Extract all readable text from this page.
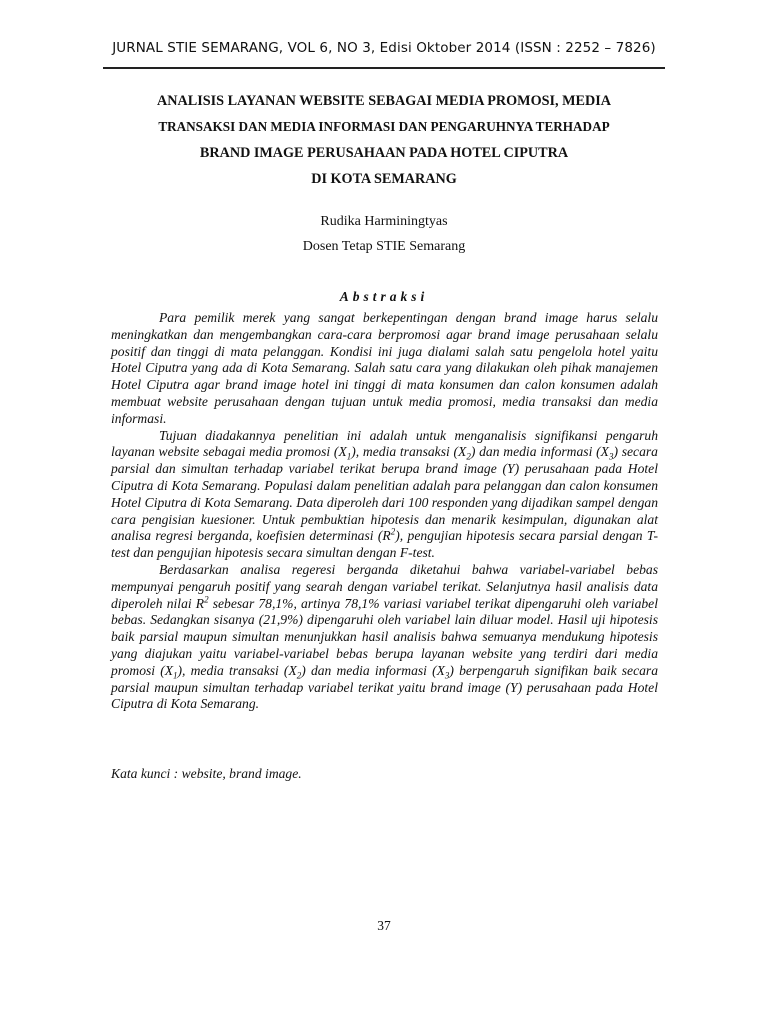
JURNAL STIE SEMARANG, VOL 6, NO 3, Edisi Oktober 2014 (ISSN : 2252 – 7826)
ANALISIS LAYANAN WEBSITE SEBAGAI MEDIA PROMOSI, MEDIA
TRANSAKSI DAN MEDIA INFORMASI DAN PENGARUHNYA TERHADAP
BRAND IMAGE PERUSAHAAN PADA HOTEL CIPUTRA
DI KOTA SEMARANG
Rudika Harminingtyas
Dosen Tetap STIE Semarang
Abstraksi

Para pemilik merek yang sangat berkepentingan dengan brand image harus selalu meningkatkan dan mengembangkan cara-cara berpromosi agar brand image perusahaan selalu positif dan tinggi di mata pelanggan. Kondisi ini juga dialami salah satu pengelola hotel yaitu Hotel Ciputra yang ada di Kota Semarang. Salah satu cara yang dilakukan oleh pihak manajemen Hotel Ciputra agar brand image hotel ini tinggi di mata konsumen dan calon konsumen adalah membuat website perusahaan dengan tujuan untuk media promosi, media transaksi dan media informasi.

Tujuan diadakannya penelitian ini adalah untuk menganalisis signifikansi pengaruh layanan website sebagai media promosi $(X_1)$, media transaksi $(X_2)$ dan media informasi $(X_3)$ secara parsial dan simultan terhadap variabel terikat berupa brand image (Y) perusahaan pada Hotel Ciputra di Kota Semarang. Populasi dalam penelitian adalah para pelanggan dan calon konsumen Hotel Ciputra di Kota Semarang. Data diperoleh dari 100 responden yang dijadikan sampel dengan cara pengisian kuesioner. Untuk pembuktian hipotesis dan menarik kesimpulan, digunakan alat analisa regresi berganda, koefisien determinasi $(R^2)$, pengujian hipotesis secara parsial dengan T-test dan pengujian hipotesis secara simultan dengan F-test.

Berdasarkan analisa regeresi berganda diketahui bahwa variabel-variabel bebas mempunyai pengaruh positif yang searah dengan variabel terikat. Selanjutnya hasil analisis data diperoleh nilai $R^2$ sebesar 78,1%, artinya 78,1% variasi variabel terikat dipengaruhi oleh variabel bebas. Sedangkan sisanya (21,9%) dipengaruhi oleh variabel lain diluar model. Hasil uji hipotesis baik parsial maupun simultan menunjukkan hasil analisis bahwa semuanya mendukung hipotesis yang diajukan yaitu variabel-variabel bebas berupa layanan website yang terdiri dari media promosi $(X_1)$, media transaksi $(X_2)$ dan media informasi $(X_3)$ berpengaruh signifikan baik secara parsial maupun simultan terhadap variabel terikat yaitu brand image (Y) perusahaan pada Hotel Ciputra di Kota Semarang.

Kata kunci : website, brand image.
37
